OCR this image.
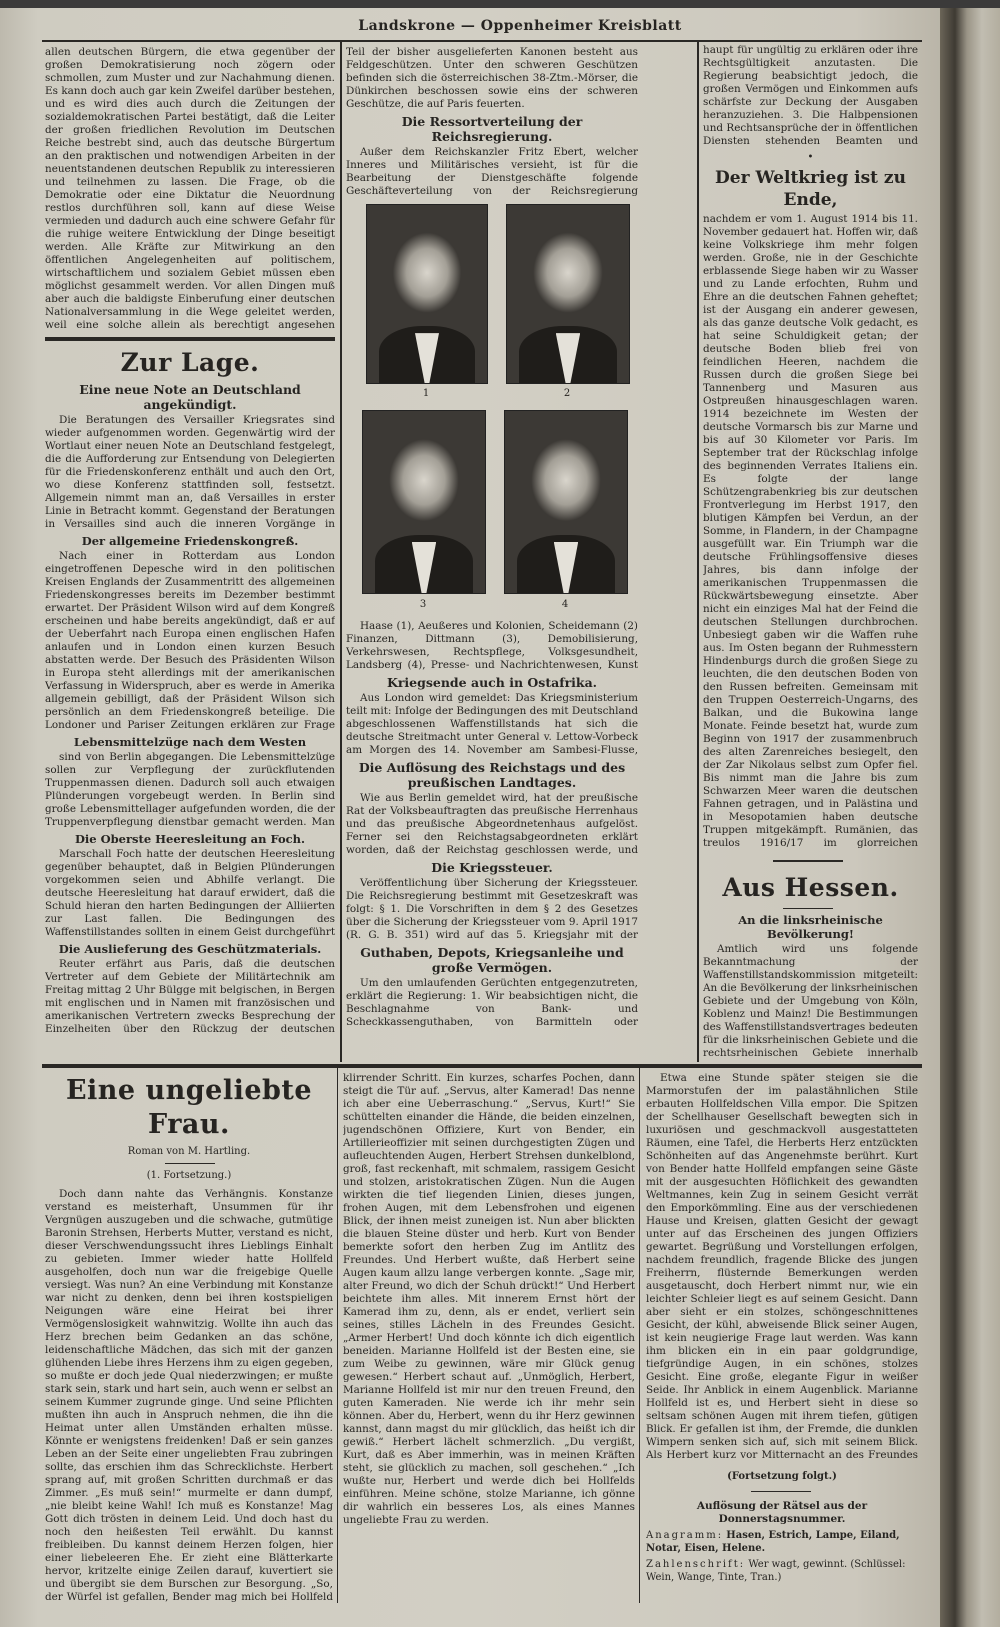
Landskrone — Oppenheimer Kreisblatt

allen deutschen Bürgern, die etwa gegenüber der großen Demokratisierung noch zögern oder schmollen, zum Muster und zur Nachahmung dienen. Es kann doch auch gar kein Zweifel darüber bestehen, und es wird dies auch durch die Zeitungen der sozialdemokratischen Partei bestätigt, daß die Leiter der großen friedlichen Revolution im Deutschen Reiche bestrebt sind, auch das deutsche Bürgertum an den praktischen und notwendigen Arbeiten in der neuentstandenen deutschen Republik zu interessieren und teilnehmen zu lassen. Die Frage, ob die Demokratie oder eine Diktatur die Neuordnung restlos durchführen soll, kann auf diese Weise vermieden und dadurch auch eine schwere Gefahr für die ruhige weitere Entwicklung der Dinge beseitigt werden. Alle Kräfte zur Mitwirkung an den öffentlichen Angelegenheiten auf politischem, wirtschaftlichem und sozialem Gebiet müssen eben möglichst gesammelt werden. Vor allen Dingen muß aber auch die baldigste Einberufung einer deutschen Nationalversammlung in die Wege geleitet werden, weil eine solche allein als berechtigt angesehen

Zur Lage.
Eine neue Note an Deutschland angekündigt.

Die Beratungen des Versailler Kriegsrates sind wieder aufgenommen worden. Gegenwärtig wird der Wortlaut einer neuen Note an Deutschland festgelegt, die die Aufforderung zur Entsendung von Delegierten für die Friedenskonferenz enthält und auch den Ort, wo diese Konferenz stattfinden soll, festsetzt. Allgemein nimmt man an, daß Versailles in erster Linie in Betracht kommt. Gegenstand der Beratungen in Versailles sind auch die inneren Vorgänge in

Der allgemeine Friedenskongreß.

Nach einer in Rotterdam aus London eingetroffenen Depesche wird in den politischen Kreisen Englands der Zusammentritt des allgemeinen Friedenskongresses bereits im Dezember bestimmt erwartet. Der Präsident Wilson wird auf dem Kongreß erscheinen und habe bereits angekündigt, daß er auf der Ueberfahrt nach Europa einen englischen Hafen anlaufen und in London einen kurzen Besuch abstatten werde. Der Besuch des Präsidenten Wilson in Europa steht allerdings mit der amerikanischen Verfassung in Widerspruch, aber es werde in Amerika allgemein gebilligt, daß der Präsident Wilson sich persönlich an dem Friedenskongreß beteilige. Die Londoner und Pariser Zeitungen erklären zur Frage

Lebensmittelzüge nach dem Westen

sind von Berlin abgegangen. Die Lebensmittelzüge sollen zur Verpflegung der zurückflutenden Truppenmassen dienen. Dadurch soll auch etwaigen Plünderungen vorgebeugt werden. In Berlin sind große Lebensmittellager aufgefunden worden, die der Truppenverpflegung dienstbar gemacht werden. Man

Die Oberste Heeresleitung an Foch.

Marschall Foch hatte der deutschen Heeresleitung gegenüber behauptet, daß in Belgien Plünderungen vorgekommen seien und Abhilfe verlangt. Die deutsche Heeresleitung hat darauf erwidert, daß die Schuld hieran den harten Bedingungen der Alliierten zur Last fallen. Die Bedingungen des Waffenstillstandes sollten in einem Geist durchgeführt

Die Auslieferung des Geschützmaterials.

Reuter erfährt aus Paris, daß die deutschen Vertreter auf dem Gebiete der Militärtechnik am Freitag mittag 2 Uhr Bülgge mit belgischen, in Bergen mit englischen und in Namen mit französischen und amerikanischen Vertretern zwecks Besprechung der Einzelheiten über den Rückzug der deutschen

Teil der bisher ausgelieferten Kanonen besteht aus Feldgeschützen. Unter den schweren Geschützen befinden sich die österreichischen 38-Ztm.-Mörser, die Dünkirchen beschossen sowie eins der schweren Geschütze, die auf Paris feuerten.

Die Ressortverteilung der Reichsregierung.

Außer dem Reichskanzler Fritz Ebert, welcher Inneres und Militärisches versieht, ist für die Bearbeitung der Dienstgeschäfte folgende Geschäfteverteilung von der Reichsregierung

1	2
3	4

Haase (1), Aeußeres und Kolonien, Scheidemann (2) Finanzen, Dittmann (3), Demobilisierung, Verkehrswesen, Rechtspflege, Volksgesundheit, Landsberg (4), Presse- und Nachrichtenwesen, Kunst

Kriegsende auch in Ostafrika.

Aus London wird gemeldet: Das Kriegsministerium teilt mit: Infolge der Bedingungen des mit Deutschland abgeschlossenen Waffenstillstands hat sich die deutsche Streitmacht unter General v. Lettow-Vorbeck am Morgen des 14. November am Sambesi-Flusse,

Die Auflösung des Reichstags und des preußischen Landtages.

Wie aus Berlin gemeldet wird, hat der preußische Rat der Volksbeauftragten das preußische Herrenhaus und das preußische Abgeordnetenhaus aufgelöst. Ferner sei den Reichstagsabgeordneten erklärt worden, daß der Reichstag geschlossen werde, und

Die Kriegssteuer.

Veröffentlichung über Sicherung der Kriegssteuer. Die Reichsregierung bestimmt mit Gesetzeskraft was folgt: § 1. Die Vorschriften in dem § 2 des Gesetzes über die Sicherung der Kriegssteuer vom 9. April 1917 (R. G. B. 351) wird auf das 5. Kriegsjahr mit der

Guthaben, Depots, Kriegsanleihe und große Vermögen.

Um den umlaufenden Gerüchten entgegenzutreten, erklärt die Regierung: 1. Wir beabsichtigen nicht, die Beschlagnahme von Bank- und Scheckkassenguthaben, von Barmitteln oder

haupt für ungültig zu erklären oder ihre Rechtsgültigkeit anzutasten. Die Regierung beabsichtigt jedoch, die großen Vermögen und Einkommen aufs schärfste zur Deckung der Ausgaben heranzuziehen. 3. Die Halbpensionen und Rechtsansprüche der in öffentlichen Diensten stehenden Beamten und

•
Der Weltkrieg ist zu Ende,

nachdem er vom 1. August 1914 bis 11. November gedauert hat. Hoffen wir, daß keine Volkskriege ihm mehr folgen werden. Große, nie in der Geschichte erblassende Siege haben wir zu Wasser und zu Lande erfochten, Ruhm und Ehre an die deutschen Fahnen geheftet; ist der Ausgang ein anderer gewesen, als das ganze deutsche Volk gedacht, es hat seine Schuldigkeit getan; der deutsche Boden blieb frei von feindlichen Heeren, nachdem die Russen durch die großen Siege bei Tannenberg und Masuren aus Ostpreußen hinausgeschlagen waren. 1914 bezeichnete im Westen der deutsche Vormarsch bis zur Marne und bis auf 30 Kilometer vor Paris. Im September trat der Rückschlag infolge des beginnenden Verrates Italiens ein. Es folgte der lange Schützengrabenkrieg bis zur deutschen Frontverlegung im Herbst 1917, den blutigen Kämpfen bei Verdun, an der Somme, in Flandern, in der Champagne ausgefüllt war. Ein Triumph war die deutsche Frühlingsoffensive dieses Jahres, bis dann infolge der amerikanischen Truppenmassen die Rückwärtsbewegung einsetzte. Aber nicht ein einziges Mal hat der Feind die deutschen Stellungen durchbrochen. Unbesiegt gaben wir die Waffen ruhe aus. Im Osten begann der Ruhmesstern Hindenburgs durch die großen Siege zu leuchten, die den deutschen Boden von den Russen befreiten. Gemeinsam mit den Truppen Oesterreich-Ungarns, des Balkan, und die Bukowina lange Monate. Feinde besetzt hat, wurde zum Beginn von 1917 der zusammenbruch des alten Zarenreiches besiegelt, den der Zar Nikolaus selbst zum Opfer fiel. Bis nimmt man die Jahre bis zum Schwarzen Meer waren die deutschen Fahnen getragen, und in Palästina und in Mesopotamien haben deutsche Truppen mitgekämpft. Rumänien, das treulos 1916/17 im glorreichen

Aus Hessen.
An die linksrheinische Bevölkerung!

Amtlich wird uns folgende Bekanntmachung der Waffenstillstandskommission mitgeteilt: An die Bevölkerung der linksrheinischen Gebiete und der Umgebung von Köln, Koblenz und Mainz! Die Bestimmungen des Waffenstillstandsvertrages bedeuten für die linksrheinischen Gebiete und die rechtsrheinischen Gebiete innerhalb

Eine ungeliebte Frau.
Roman von M. Hartling.
(1. Fortsetzung.)

Doch dann nahte das Verhängnis. Konstanze verstand es meisterhaft, Unsummen für ihr Vergnügen auszugeben und die schwache, gutmütige Baronin Strehsen, Herberts Mutter, verstand es nicht, dieser Verschwendungssucht ihres Lieblings Einhalt zu gebieten. Immer wieder hatte Hollfeld ausgeholfen, doch nun war die freigebige Quelle versiegt. Was nun? An eine Verbindung mit Konstanze war nicht zu denken, denn bei ihren kostspieligen Neigungen wäre eine Heirat bei ihrer Vermögenslosigkeit wahnwitzig. Wollte ihn auch das Herz brechen beim Gedanken an das schöne, leidenschaftliche Mädchen, das sich mit der ganzen glühenden Liebe ihres Herzens ihm zu eigen gegeben, so mußte er doch jede Qual niederzwingen; er mußte stark sein, stark und hart sein, auch wenn er selbst an seinem Kummer zugrunde ginge. Und seine Pflichten mußten ihn auch in Anspruch nehmen, die ihn die Heimat unter allen Umständen erhalten müsse. Könnte er wenigstens freidenken! Daß er sein ganzes Leben an der Seite einer ungeliebten Frau zubringen sollte, das erschien ihm das Schrecklichste. Herbert sprang auf, mit großen Schritten durchmaß er das Zimmer. „Es muß sein!“ murmelte er dann dumpf, „nie bleibt keine Wahl! Ich muß es Konstanze! Mag Gott dich trösten in deinem Leid. Und doch hast du noch den heißesten Teil erwählt. Du kannst freibleiben. Du kannst deinem Herzen folgen, hier einer liebeleeren Ehe. Er zieht eine Blätterkarte hervor, kritzelte einige Zeilen darauf, kuvertiert sie und übergibt sie dem Burschen zur Besorgung. „So, der Würfel ist gefallen, Bender mag mich bei Hollfeld

klirrender Schritt. Ein kurzes, scharfes Pochen, dann steigt die Tür auf. „Servus, alter Kamerad! Das nenne ich aber eine Ueberraschung.“ „Servus, Kurt!“ Sie schüttelten einander die Hände, die beiden einzelnen, jugendschönen Offiziere, Kurt von Bender, ein Artillerieoffizier mit seinen durchgestigten Zügen und aufleuchtenden Augen, Herbert Strehsen dunkelblond, groß, fast reckenhaft, mit schmalem, rassigem Gesicht und stolzen, aristokratischen Zügen. Nun die Augen wirkten die tief liegenden Linien, dieses jungen, frohen Augen, mit dem Lebensfrohen und eigenen Blick, der ihnen meist zuneigen ist. Nun aber blickten die blauen Steine düster und herb. Kurt von Bender bemerkte sofort den herben Zug im Antlitz des Freundes. Und Herbert wußte, daß Herbert seine Augen kaum allzu lange verbergen konnte. „Sage mir, alter Freund, wo dich der Schuh drückt!“ Und Herbert beichtete ihm alles. Mit innerem Ernst hört der Kamerad ihm zu, denn, als er endet, verliert sein seines, stilles Lächeln in des Freundes Gesicht. „Armer Herbert! Und doch könnte ich dich eigentlich beneiden. Marianne Hollfeld ist der Besten eine, sie zum Weibe zu gewinnen, wäre mir Glück genug gewesen.“ Herbert schaut auf. „Unmöglich, Herbert, Marianne Hollfeld ist mir nur den treuen Freund, den guten Kameraden. Nie werde ich ihr mehr sein können. Aber du, Herbert, wenn du ihr Herz gewinnen kannst, dann magst du mir glücklich, das heißt ich dir gewiß.“ Herbert lächelt schmerzlich. „Du vergißt, Kurt, daß es Aber immerhin, was in meinen Kräften steht, sie glücklich zu machen, soll geschehen.“ „Ich wußte nur, Herbert und werde dich bei Hollfelds einführen. Meine schöne, stolze Marianne, ich gönne dir wahrlich ein besseres Los, als eines Mannes ungeliebte Frau zu werden.

Etwa eine Stunde später steigen sie die Marmorstufen der im palastähnlichen Stile erbauten Hollfeldschen Villa empor. Die Spitzen der Schellhauser Gesellschaft bewegten sich in luxuriösen und geschmackvoll ausgestatteten Räumen, eine Tafel, die Herberts Herz entzückten Schönheiten auf das Angenehmste berührt. Kurt von Bender hatte Hollfeld empfangen seine Gäste mit der ausgesuchten Höflichkeit des gewandten Weltmannes, kein Zug in seinem Gesicht verrät den Emporkömmling. Eine aus der verschiedenen Hause und Kreisen, glatten Gesicht der gewagt unter auf das Erscheinen des jungen Offiziers gewartet. Begrüßung und Vorstellungen erfolgen, nachdem freundlich, fragende Blicke des jungen Freiherrn, flüsternde Bemerkungen werden ausgetauscht, doch Herbert nimmt nur, wie ein leichter Schleier liegt es auf seinem Gesicht. Dann aber sieht er ein stolzes, schöngeschnittenes Gesicht, der kühl, abweisende Blick seiner Augen, ist kein neugierige Frage laut werden. Was kann ihm blicken ein in ein paar goldgrundige, tiefgründige Augen, in ein schönes, stolzes Gesicht. Eine große, elegante Figur in weißer Seide. Ihr Anblick in einem Augenblick. Marianne Hollfeld ist es, und Herbert sieht in diese so seltsam schönen Augen mit ihrem tiefen, gütigen Blick. Er gefallen ist ihm, der Fremde, die dunklen Wimpern senken sich auf, sich mit seinem Blick. Als Herbert kurz vor Mitternacht an des Freundes

(Fortsetzung folgt.)
Auflösung der Rätsel aus der Donnerstagsnummer.
Anagramm: Hasen, Estrich, Lampe, Eiland, Notar, Eisen, Helene.
Zahlenschrift: Wer wagt, gewinnt. (Schlüssel: Wein, Wange, Tinte, Tran.)
